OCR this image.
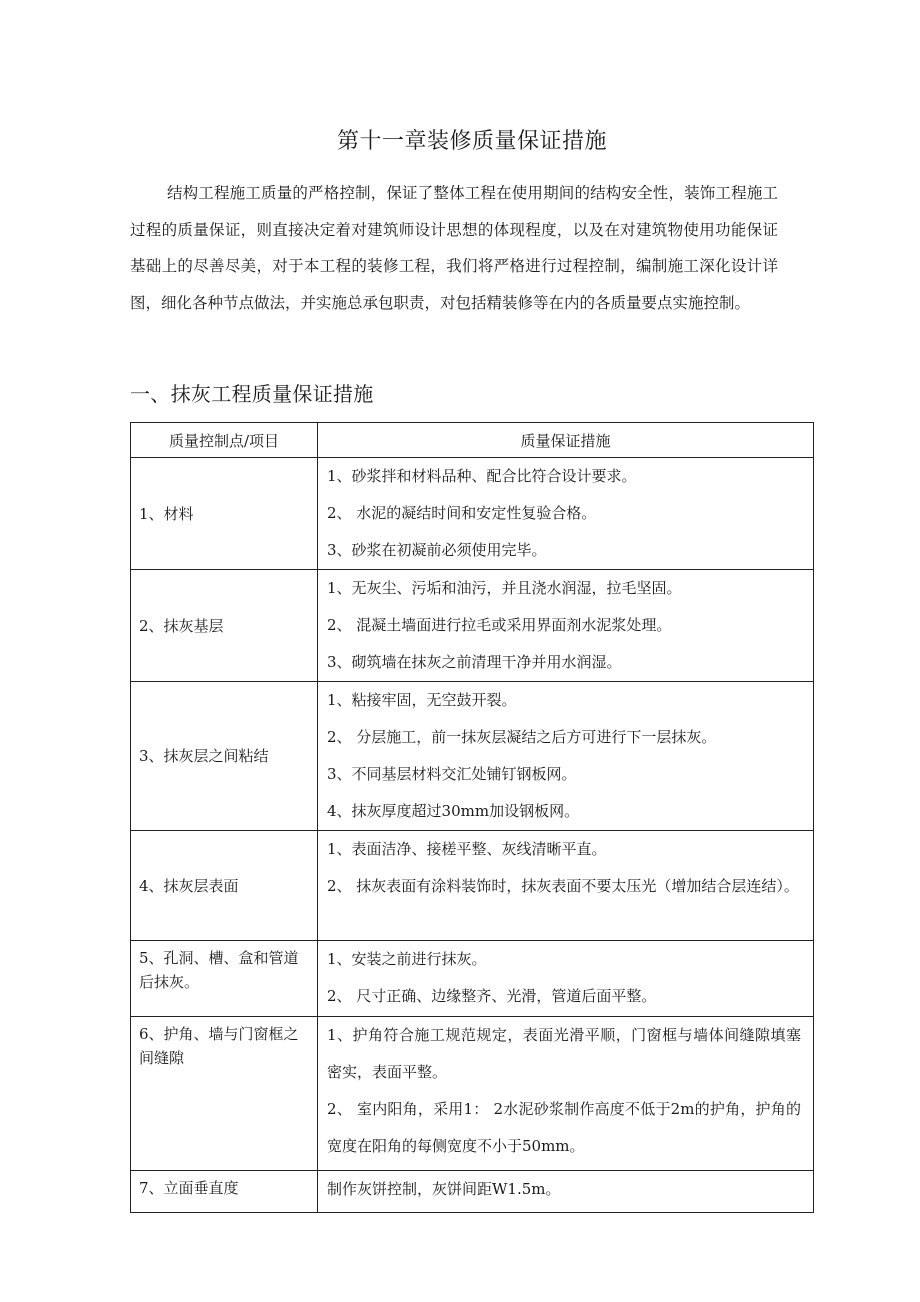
第十一章装修质量保证措施

结构工程施工质量的严格控制，保证了整体工程在使用期间的结构安全性，装饰工程施工过程的质量保证，则直接决定着对建筑师设计思想的体现程度，以及在对建筑物使用功能保证基础上的尽善尽美，对于本工程的装修工程，我们将严格进行过程控制，编制施工深化设计详图，细化各种节点做法，并实施总承包职责，对包括精装修等在内的各质量要点实施控制。

一、抹灰工程质量保证措施
质量控制点/项目	质量保证措施
1、材料	1、砂浆拌和材料品种、配合比符合设计要求。
2、 水泥的凝结时间和安定性复验合格。
3、砂浆在初凝前必须使用完毕。

2、抹灰基层	1、无灰尘、污垢和油污，并且浇水润湿，拉毛坚固。
2、 混凝土墙面进行拉毛或采用界面剂水泥浆处理。
3、砌筑墙在抹灰之前清理干净并用水润湿。

3、抹灰层之间粘结	1、粘接牢固，无空鼓开裂。
2、 分层施工，前一抹灰层凝结之后方可进行下一层抹灰。
3、不同基层材料交汇处铺钉钢板网。
4、抹灰厚度超过30mm加设钢板网。

4、抹灰层表面	1、表面洁净、接槎平整、灰线清晰平直。
2、 抹灰表面有涂料装饰时，抹灰表面不要太压光（增加结合层连结）。

5、孔洞、槽、盒和管道后抹灰。	1、安装之前进行抹灰。
2、 尺寸正确、边缘整齐、光滑，管道后面平整。

6、护角、墙与门窗框之间缝隙	1、护角符合施工规范规定，表面光滑平顺，门窗框与墙体间缝隙填塞密实，表面平整。
2、 室内阳角，采用1： 2水泥砂浆制作高度不低于2m的护角，护角的宽度在阳角的每侧宽度不小于50mm。

7、立面垂直度	制作灰饼控制，灰饼间距W1.5m。
